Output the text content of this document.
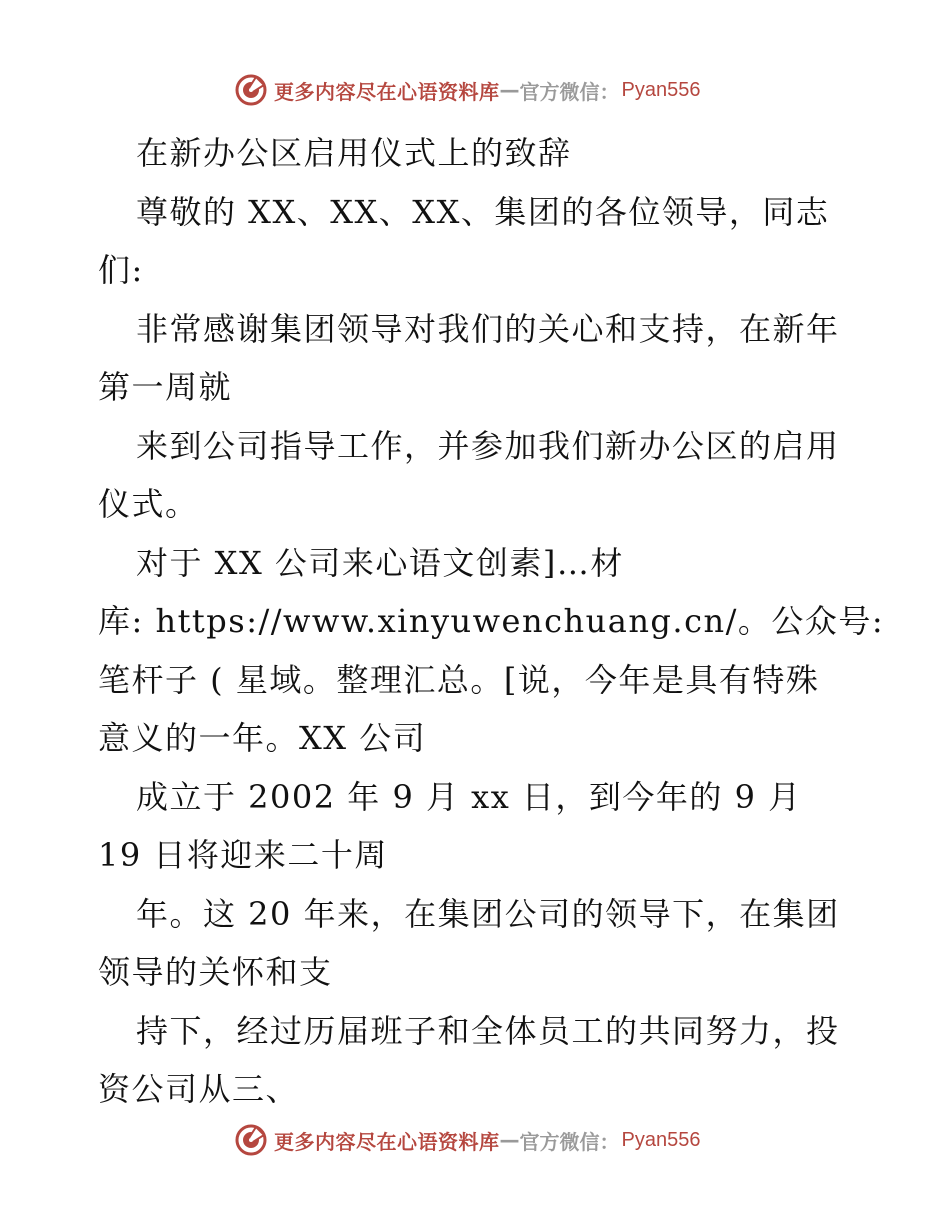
更多内容尽在心语资料库 — 官方微信： Pyan556
在新办公区启用仪式上的致辞
尊敬的 XX、XX、XX、集团的各位领导，同志
们:
非常感谢集团领导对我们的关心和支持，在新年
第一周就
来到公司指导工作，并参加我们新办公区的启用
仪式。
对于 XX 公司来心语文创素]…材
库: https://www.xinyuwenchuang.cn/。公众号:
笔杆子 ( 星域。整理汇总。[说，今年是具有特殊
意义的一年。XX 公司
成立于 2002 年 9 月 xx 日，到今年的 9 月
19 日将迎来二十周
年。这 20 年来，在集团公司的领导下，在集团
领导的关怀和支
持下，经过历届班子和全体员工的共同努力，投
资公司从三、
更多内容尽在心语资料库 — 官方微信： Pyan556
